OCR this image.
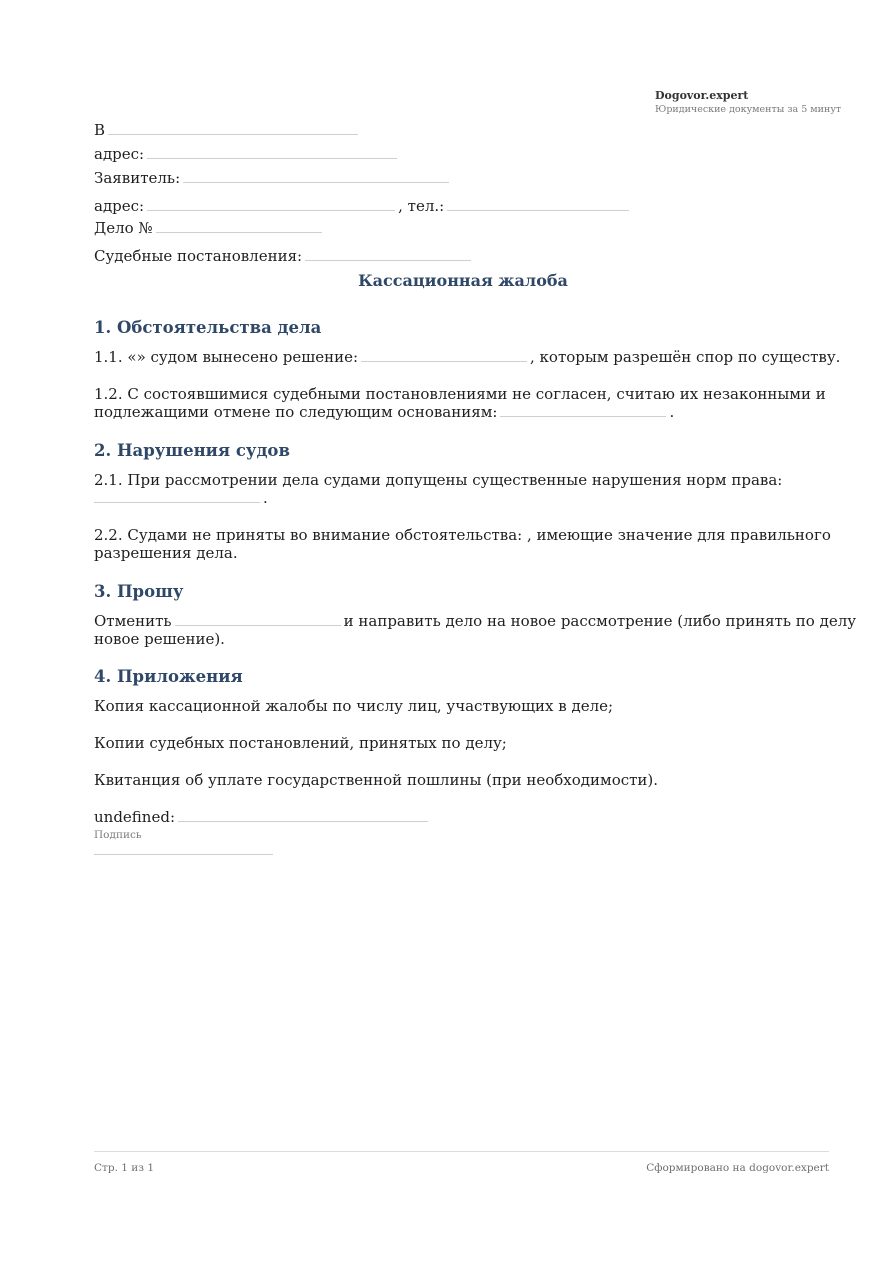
Dogovor.expert
Юридические документы за 5 минут
В
адрес:
Заявитель:
адрес:	, тел.:
Дело №
Судебные постановления:
Кассационная жалоба
1. Обстоятельства дела
1.1. «» судом вынесено решение:	, которым разрешён спор по существу.
1.2. С состоявшимися судебными постановлениями не согласен, считаю их незаконными и подлежащими отмене по следующим основаниям:	.
2. Нарушения судов
2.1. При рассмотрении дела судами допущены существенные нарушения норм права:
.
2.2. Судами не приняты во внимание обстоятельства: , имеющие значение для правильного разрешения дела.
3. Прошу
Отменить	и направить дело на новое рассмотрение (либо принять по делу новое решение).
4. Приложения
Копия кассационной жалобы по числу лиц, участвующих в деле;
Копии судебных постановлений, принятых по делу;
Квитанция об уплате государственной пошлины (при необходимости).
undefined:
Подпись
Стр. 1 из 1	Сформировано на dogovor.expert
